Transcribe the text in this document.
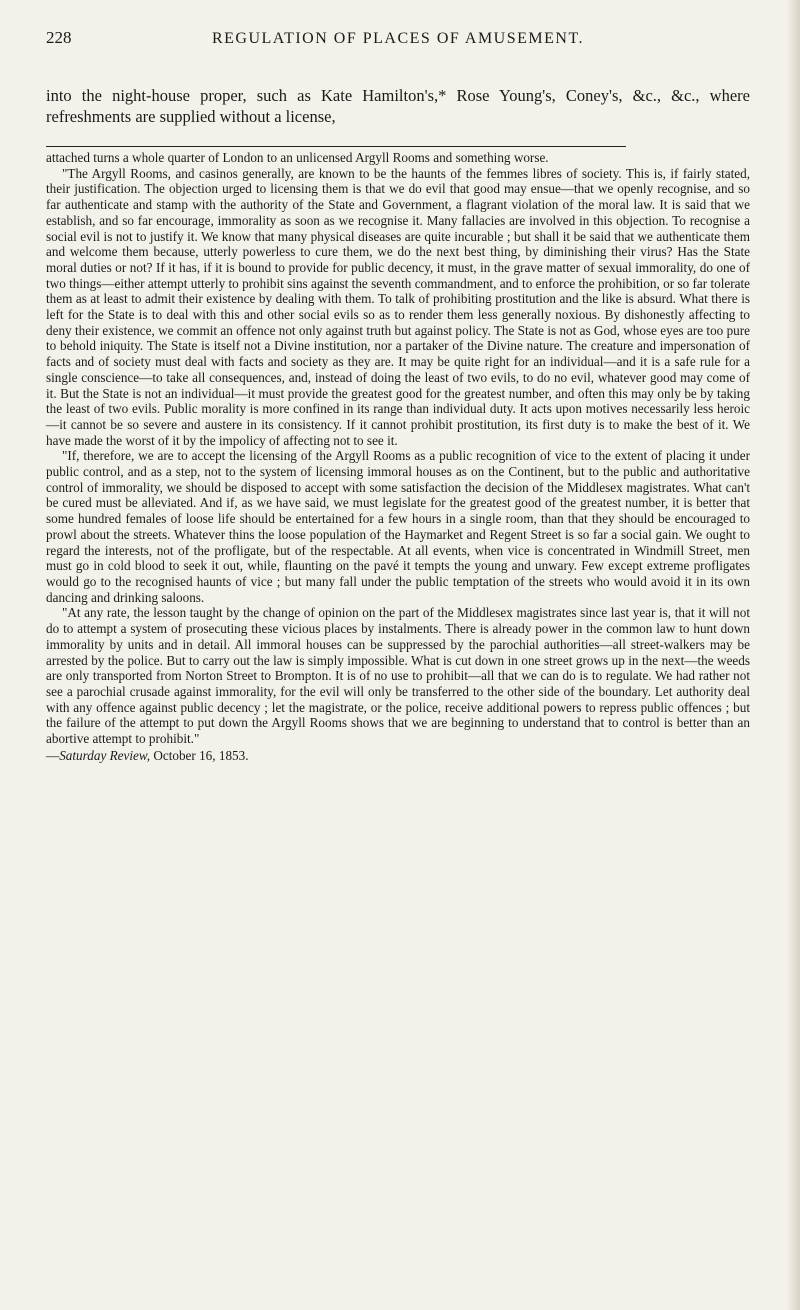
228	REGULATION OF PLACES OF AMUSEMENT.
into the night-house proper, such as Kate Hamilton's,* Rose Young's, Coney's, &c., &c., where refreshments are supplied without a license,

attached turns a whole quarter of London to an unlicensed Argyll Rooms and something worse.

"The Argyll Rooms, and casinos generally, are known to be the haunts of the femmes libres of society. This is, if fairly stated, their justification. The objection urged to licensing them is that we do evil that good may ensue—that we openly recognise, and so far authenticate and stamp with the authority of the State and Government, a flagrant violation of the moral law. It is said that we establish, and so far encourage, immorality as soon as we recognise it. Many fallacies are involved in this objection. To recognise a social evil is not to justify it. We know that many physical diseases are quite incurable ; but shall it be said that we authenticate them and welcome them because, utterly powerless to cure them, we do the next best thing, by diminishing their virus? Has the State moral duties or not? If it has, if it is bound to provide for public decency, it must, in the grave matter of sexual immorality, do one of two things—either attempt utterly to prohibit sins against the seventh commandment, and to enforce the prohibition, or so far tolerate them as at least to admit their existence by dealing with them. To talk of prohibiting prostitution and the like is absurd. What there is left for the State is to deal with this and other social evils so as to render them less generally noxious. By dishonestly affecting to deny their existence, we commit an offence not only against truth but against policy. The State is not as God, whose eyes are too pure to behold iniquity. The State is itself not a Divine institution, nor a partaker of the Divine nature. The creature and impersonation of facts and of society must deal with facts and society as they are. It may be quite right for an individual—and it is a safe rule for a single conscience—to take all consequences, and, instead of doing the least of two evils, to do no evil, whatever good may come of it. But the State is not an individual—it must provide the greatest good for the greatest number, and often this may only be by taking the least of two evils. Public morality is more confined in its range than individual duty. It acts upon motives necessarily less heroic—it cannot be so severe and austere in its consistency. If it cannot prohibit prostitution, its first duty is to make the best of it. We have made the worst of it by the impolicy of affecting not to see it.

"If, therefore, we are to accept the licensing of the Argyll Rooms as a public recognition of vice to the extent of placing it under public control, and as a step, not to the system of licensing immoral houses as on the Continent, but to the public and authoritative control of immorality, we should be disposed to accept with some satisfaction the decision of the Middlesex magistrates. What can't be cured must be alleviated. And if, as we have said, we must legislate for the greatest good of the greatest number, it is better that some hundred females of loose life should be entertained for a few hours in a single room, than that they should be encouraged to prowl about the streets. Whatever thins the loose population of the Haymarket and Regent Street is so far a social gain. We ought to regard the interests, not of the profligate, but of the respectable. At all events, when vice is concentrated in Windmill Street, men must go in cold blood to seek it out, while, flaunting on the pavé it tempts the young and unwary. Few except extreme profligates would go to the recognised haunts of vice ; but many fall under the public temptation of the streets who would avoid it in its own dancing and drinking saloons.

"At any rate, the lesson taught by the change of opinion on the part of the Middlesex magistrates since last year is, that it will not do to attempt a system of prosecuting these vicious places by instalments. There is already power in the common law to hunt down immorality by units and in detail. All immoral houses can be suppressed by the parochial authorities—all street-walkers may be arrested by the police. But to carry out the law is simply impossible. What is cut down in one street grows up in the next—the weeds are only transported from Norton Street to Brompton. It is of no use to prohibit—all that we can do is to regulate. We had rather not see a parochial crusade against immorality, for the evil will only be transferred to the other side of the boundary. Let authority deal with any offence against public decency ; let the magistrate, or the police, receive additional powers to repress public offences ; but the failure of the attempt to put down the Argyll Rooms shows that we are beginning to understand that to control is better than an abortive attempt to prohibit."

—Saturday Review, October 16, 1853.
